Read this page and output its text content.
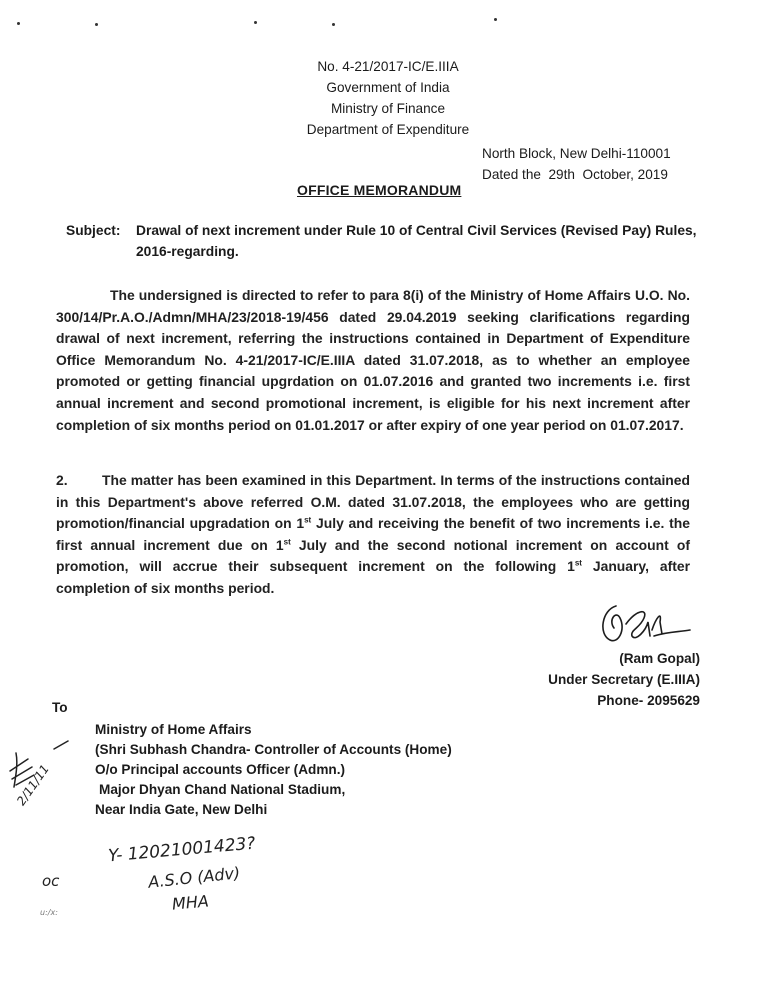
No. 4-21/2017-IC/E.IIIA
Government of India
Ministry of Finance
Department of Expenditure
North Block, New Delhi-110001
Dated the  29th  October, 2019
OFFICE MEMORANDUM
Subject: Drawal of next increment under Rule 10 of Central Civil Services (Revised Pay) Rules, 2016-regarding.
The undersigned is directed to refer to para 8(i) of the Ministry of Home Affairs U.O. No. 300/14/Pr.A.O./Admn/MHA/23/2018-19/456 dated 29.04.2019 seeking clarifications regarding drawal of next increment, referring the instructions contained in Department of Expenditure Office Memorandum No. 4-21/2017-IC/E.IIIA dated 31.07.2018, as to whether an employee promoted or getting financial upgrdation on 01.07.2016 and granted two increments i.e. first annual increment and second promotional increment, is eligible for his next increment after completion of six months period on 01.01.2017 or after expiry of one year period on 01.07.2017.
2. The matter has been examined in this Department. In terms of the instructions contained in this Department's above referred O.M. dated 31.07.2018, the employees who are getting promotion/financial upgradation on 1st July and receiving the benefit of two increments i.e. the first annual increment due on 1st July and the second notional increment on account of promotion, will accrue their subsequent increment on the following 1st January, after completion of six months period.
(Ram Gopal)
Under Secretary (E.IIIA)
Phone- 2095629
To
Ministry of Home Affairs
(Shri Subhash Chandra- Controller of Accounts (Home)
O/o Principal accounts Officer (Admn.)
Major Dhyan Chand National Stadium,
Near India Gate, New Delhi
2/11/11
Y- 12021001423?
A.S.O (Adv)
MHA
oc
u:/x:
